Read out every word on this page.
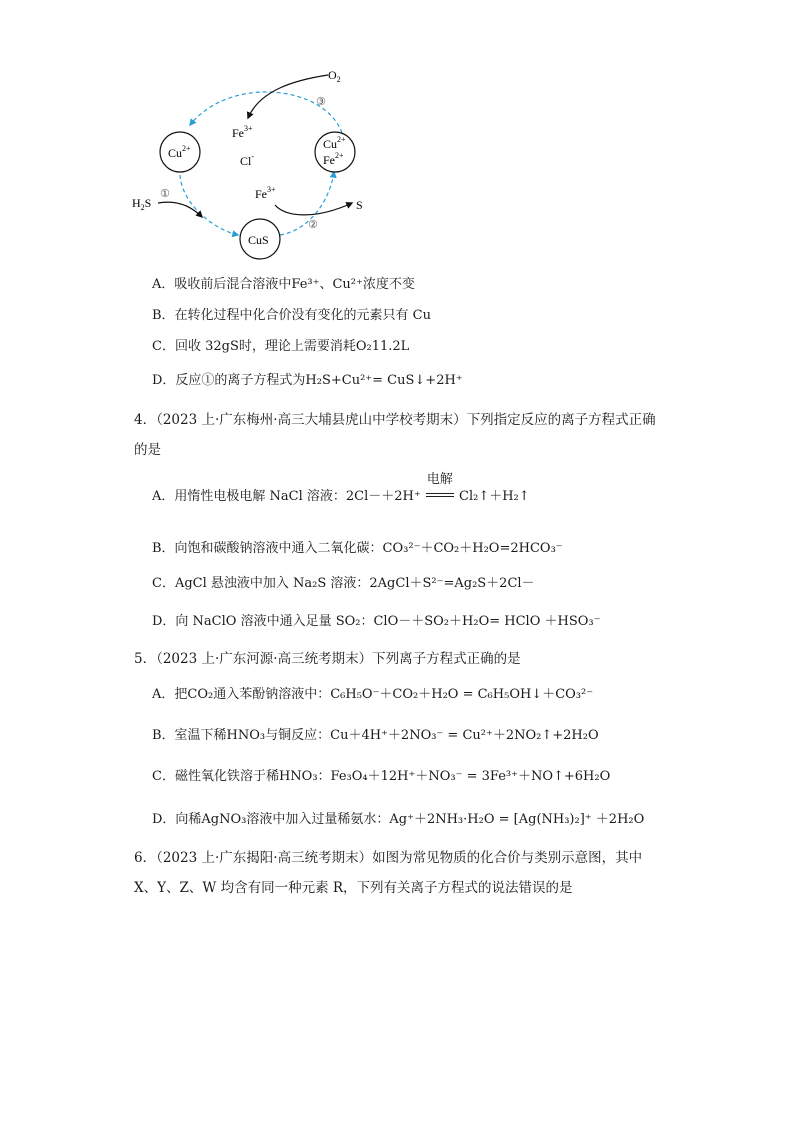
$O_2$
③
$Cu^{2+}$
$Fe^{3+}$
Cl-
$Cu^{2+}$
$Fe^{2+}$
$Fe^{3+}$
①
$H_2S$
②
S
CuS
A．吸收前后混合溶液中Fe³⁺、Cu²⁺浓度不变
B．在转化过程中化合价没有变化的元素只有 Cu
C．回收 32gS时，理论上需要消耗O₂11.2L
D．反应①的离子方程式为H₂S+Cu²⁺= CuS↓+2H⁺
4．（2023 上·广东梅州·高三大埔县虎山中学校考期末）下列指定反应的离子方程式正确
的是
A．用惰性电极电解 NaCl 溶液：2Cl－＋2H⁺
电解
Cl₂↑＋H₂↑
B．向饱和碳酸钠溶液中通入二氧化碳：CO₃²⁻＋CO₂＋H₂O=2HCO₃⁻
C．AgCl 悬浊液中加入 Na₂S 溶液：2AgCl＋S²⁻=Ag₂S＋2Cl－
D．向 NaClO 溶液中通入足量 SO₂：ClO－＋SO₂＋H₂O= HClO ＋HSO₃⁻
5．（2023 上·广东河源·高三统考期末）下列离子方程式正确的是
A．把CO₂通入苯酚钠溶液中：C₆H₅O⁻＋CO₂＋H₂O = C₆H₅OH↓＋CO₃²⁻
B．室温下稀HNO₃与铜反应：Cu＋4H⁺＋2NO₃⁻ = Cu²⁺＋2NO₂↑+2H₂O
C．磁性氧化铁溶于稀HNO₃：Fe₃O₄＋12H⁺＋NO₃⁻ = 3Fe³⁺＋NO↑+6H₂O
D．向稀AgNO₃溶液中加入过量稀氨水：Ag⁺＋2NH₃·H₂O = [Ag(NH₃)₂]⁺ ＋2H₂O
6．（2023 上·广东揭阳·高三统考期末）如图为常见物质的化合价与类别示意图，其中
X、Y、Z、W 均含有同一种元素 R，下列有关离子方程式的说法错误的是
